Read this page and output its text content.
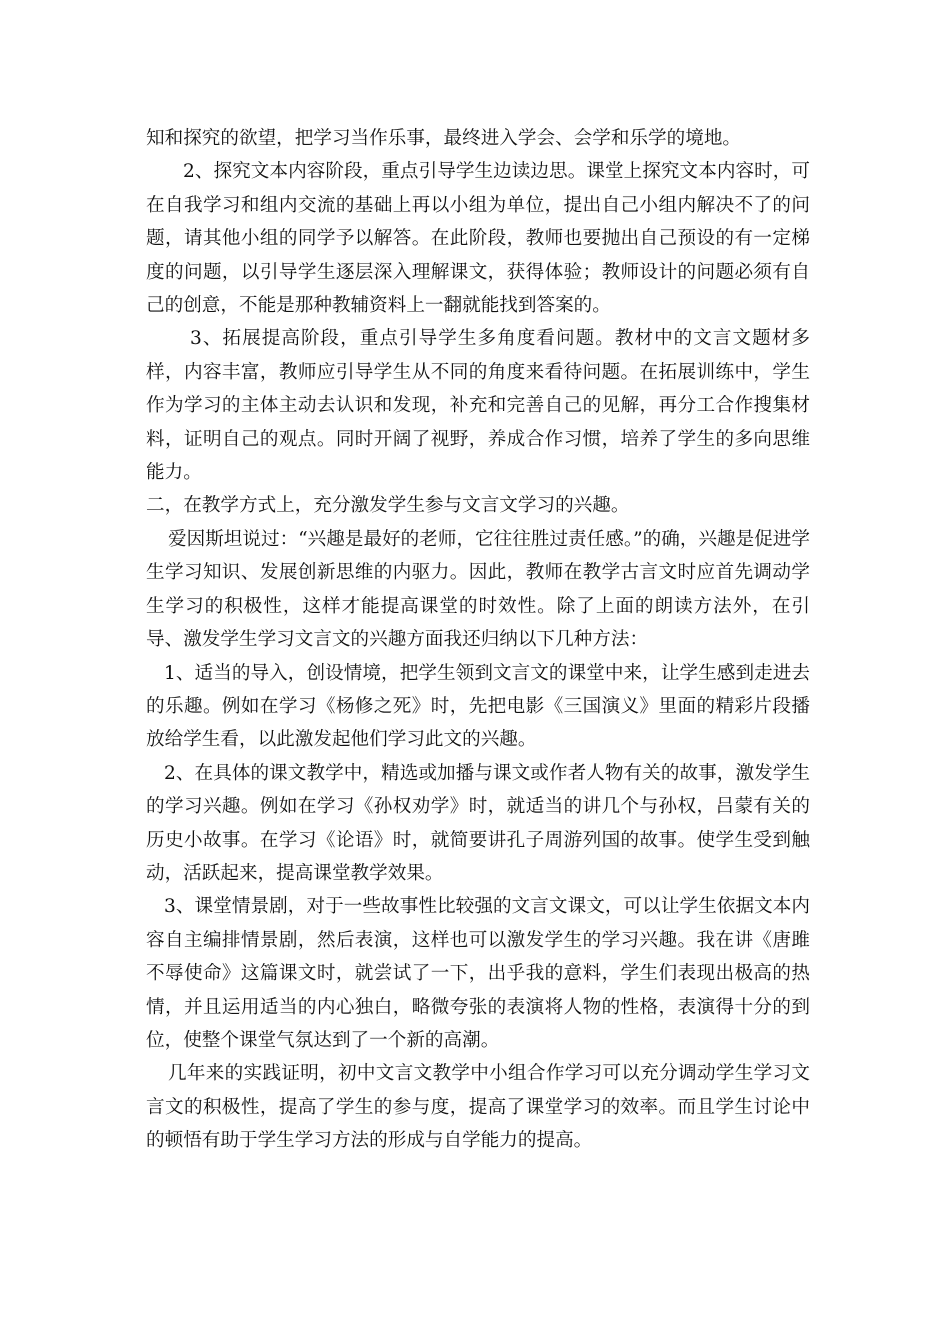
知和探究的欲望，把学习当作乐事，最终进入学会、会学和乐学的境地。

2、探究文本内容阶段，重点引导学生边读边思。课堂上探究文本内容时，可在自我学习和组内交流的基础上再以小组为单位，提出自己小组内解决不了的问题，请其他小组的同学予以解答。在此阶段，教师也要抛出自己预设的有一定梯度的问题，以引导学生逐层深入理解课文，获得体验；教师设计的问题必须有自己的创意，不能是那种教辅资料上一翻就能找到答案的。

3、拓展提高阶段，重点引导学生多角度看问题。教材中的文言文题材多样，内容丰富，教师应引导学生从不同的角度来看待问题。在拓展训练中，学生作为学习的主体主动去认识和发现，补充和完善自己的见解，再分工合作搜集材料，证明自己的观点。同时开阔了视野，养成合作习惯，培养了学生的多向思维能力。

二，在教学方式上，充分激发学生参与文言文学习的兴趣。

爱因斯坦说过：“兴趣是最好的老师，它往往胜过责任感。”的确，兴趣是促进学生学习知识、发展创新思维的内驱力。因此，教师在教学古言文时应首先调动学生学习的积极性，这样才能提高课堂的时效性。除了上面的朗读方法外，在引导、激发学生学习文言文的兴趣方面我还归纳以下几种方法：

1、适当的导入，创设情境，把学生领到文言文的课堂中来，让学生感到走进去的乐趣。例如在学习《杨修之死》时，先把电影《三国演义》里面的精彩片段播放给学生看，以此激发起他们学习此文的兴趣。

2、在具体的课文教学中，精选或加播与课文或作者人物有关的故事，激发学生的学习兴趣。例如在学习《孙权劝学》时，就适当的讲几个与孙权，吕蒙有关的历史小故事。在学习《论语》时，就简要讲孔子周游列国的故事。使学生受到触动，活跃起来，提高课堂教学效果。

3、课堂情景剧，对于一些故事性比较强的文言文课文，可以让学生依据文本内容自主编排情景剧，然后表演，这样也可以激发学生的学习兴趣。我在讲《唐雎不辱使命》这篇课文时，就尝试了一下，出乎我的意料，学生们表现出极高的热情，并且运用适当的内心独白，略微夸张的表演将人物的性格，表演得十分的到位，使整个课堂气氛达到了一个新的高潮。

几年来的实践证明，初中文言文教学中小组合作学习可以充分调动学生学习文言文的积极性，提高了学生的参与度，提高了课堂学习的效率。而且学生讨论中的顿悟有助于学生学习方法的形成与自学能力的提高。
